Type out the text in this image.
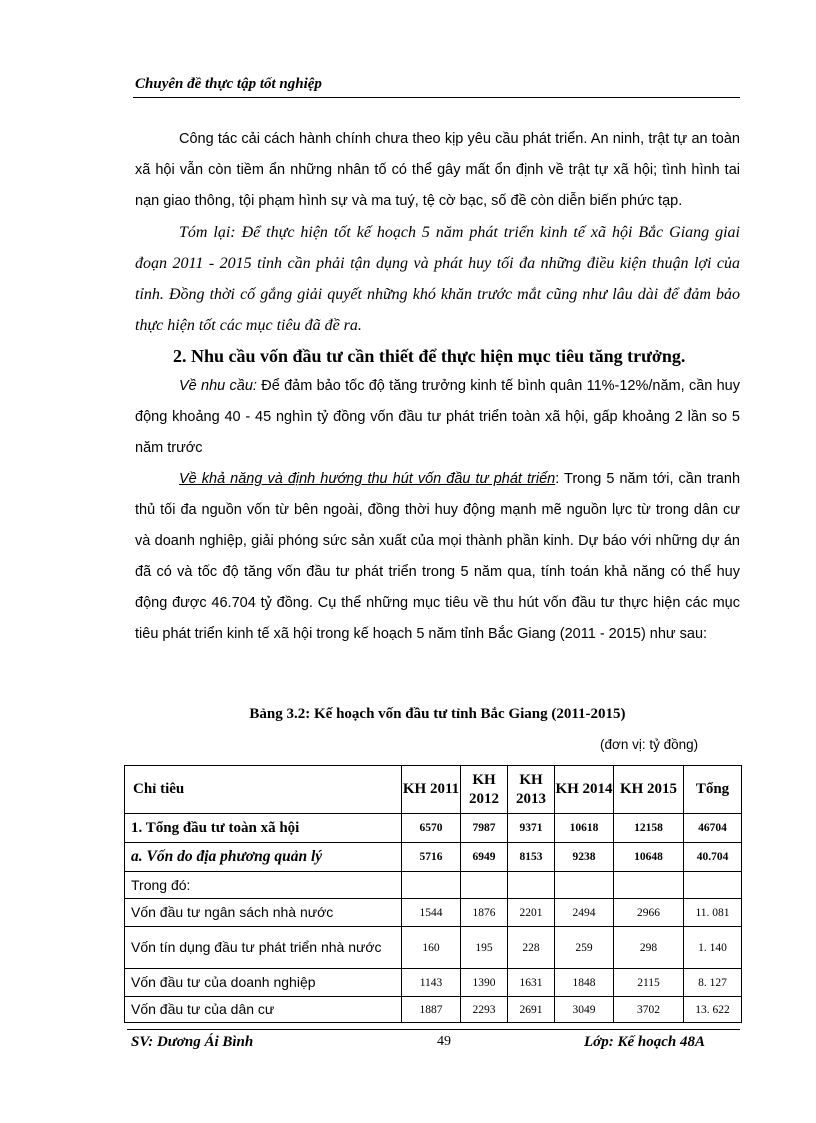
Chuyên đề thực tập tốt nghiệp

Công tác cải cách hành chính chưa theo kịp yêu cầu phát triển. An ninh, trật tự an toàn xã hội vẫn còn tiềm ẩn những nhân tố có thể gây mất ổn định về trật tự xã hội; tình hình tai nạn giao thông, tội phạm hình sự và ma tuý, tệ cờ bạc, số đề còn diễn biến phức tạp.

Tóm lại: Để thực hiện tốt kế hoạch 5 năm phát triển kinh tế xã hội Bắc Giang giai đoạn 2011 - 2015 tỉnh cần phải tận dụng và phát huy tối đa những điều kiện thuận lợi của tỉnh. Đồng thời cố gắng giải quyết những khó khăn trước mắt cũng như lâu dài để đảm bảo thực hiện tốt các mục tiêu đã đề ra.

2. Nhu cầu vốn đầu tư cần thiết để thực hiện mục tiêu tăng trưởng.

Về nhu cầu: Để đảm bảo tốc độ tăng trưởng kinh tế bình quân 11%-12%/năm, cần huy động khoảng 40 - 45 nghìn tỷ đồng vốn đầu tư phát triển toàn xã hội, gấp khoảng 2 lần so 5 năm trước

Về khả năng và định hướng thu hút vốn đầu tư phát triển: Trong 5 năm tới, cần tranh thủ tối đa nguồn vốn từ bên ngoài, đồng thời huy động mạnh mẽ nguồn lực từ trong dân cư và doanh nghiệp, giải phóng sức sản xuất của mọi thành phần kinh. Dự báo với những dự án đã có và tốc độ tăng vốn đầu tư phát triển trong 5 năm qua, tính toán khả năng có thể huy động được 46.704 tỷ đồng. Cụ thể những mục tiêu về thu hút vốn đầu tư thực hiện các mục tiêu phát triển kinh tế xã hội trong kế hoạch 5 năm tỉnh Bắc Giang (2011 - 2015) như sau:

Bảng 3.2: Kế hoạch vốn đầu tư tỉnh Bắc Giang (2011-2015)
(đơn vị: tỷ đồng)
Chỉ tiêu	KH 2011	KH 2012	KH 2013	KH 2014	KH 2015	Tổng
1. Tổng đầu tư toàn xã hội	6570	7987	9371	10618	12158	46704
a. Vốn do địa phương quản lý	5716	6949	8153	9238	10648	40.704
Trong đó:						
Vốn đầu tư ngân sách nhà nước	1544	1876	2201	2494	2966	11. 081
Vốn tín dụng đầu tư phát triển nhà nước	160	195	228	259	298	1. 140
Vốn đầu tư của doanh nghiệp	1143	1390	1631	1848	2115	8. 127
Vốn đầu tư của dân cư	1887	2293	2691	3049	3702	13. 622
SV: Dương Ái Bình	49	Lớp: Kế hoạch 48A
